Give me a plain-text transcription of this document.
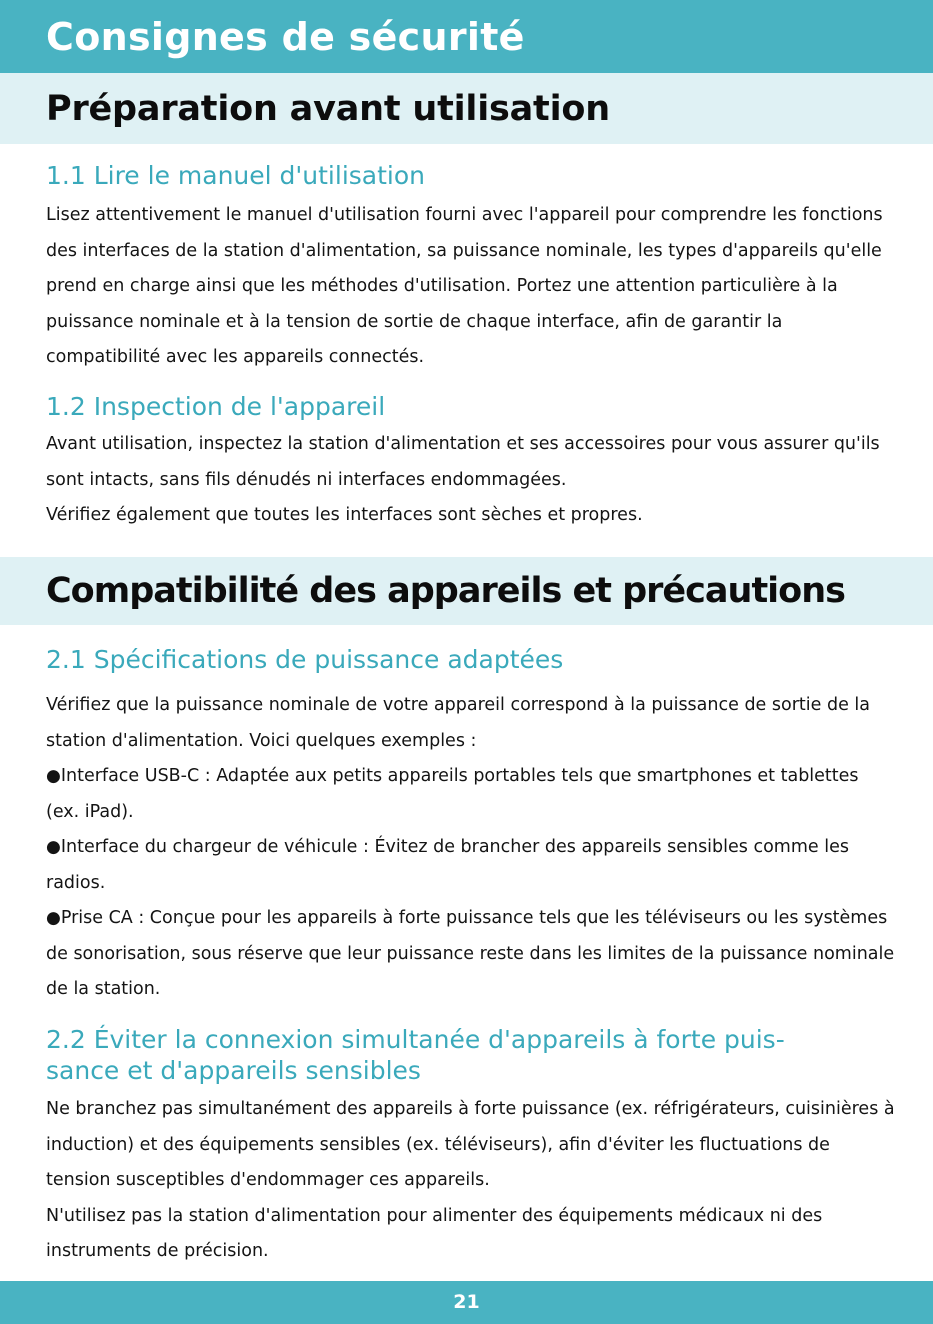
Consignes de sécurité
Préparation avant utilisation
1.1 Lire le manuel d'utilisation

Lisez attentivement le manuel d'utilisation fourni avec l'appareil pour comprendre les fonctions des interfaces de la station d'alimentation, sa puissance nominale, les types d'appareils qu'elle prend en charge ainsi que les méthodes d'utilisation. Portez une attention particulière à la puissance nominale et à la tension de sortie de chaque interface, afin de garantir la compatibilité avec les appareils connectés.

1.2 Inspection de l'appareil

Avant utilisation, inspectez la station d'alimentation et ses accessoires pour vous assurer qu'ils sont intacts, sans fils dénudés ni interfaces endommagées.

Vérifiez également que toutes les interfaces sont sèches et propres.

Compatibilité des appareils et précautions
2.1 Spécifications de puissance adaptées

Vérifiez que la puissance nominale de votre appareil correspond à la puissance de sortie de la station d'alimentation. Voici quelques exemples :

●Interface USB-C : Adaptée aux petits appareils portables tels que smartphones et tablettes (ex. iPad).

●Interface du chargeur de véhicule : Évitez de brancher des appareils sensibles comme les radios.

●Prise CA : Conçue pour les appareils à forte puissance tels que les téléviseurs ou les systèmes de sonorisation, sous réserve que leur puissance reste dans les limites de la puissance nominale de la station.

2.2 Éviter la connexion simultanée d'appareils à forte puis-
sance et d'appareils sensibles

Ne branchez pas simultanément des appareils à forte puissance (ex. réfrigérateurs, cuisinières à induction) et des équipements sensibles (ex. téléviseurs), afin d'éviter les fluctuations de tension susceptibles d'endommager ces appareils.

N'utilisez pas la station d'alimentation pour alimenter des équipements médicaux ni des instruments de précision.

21
